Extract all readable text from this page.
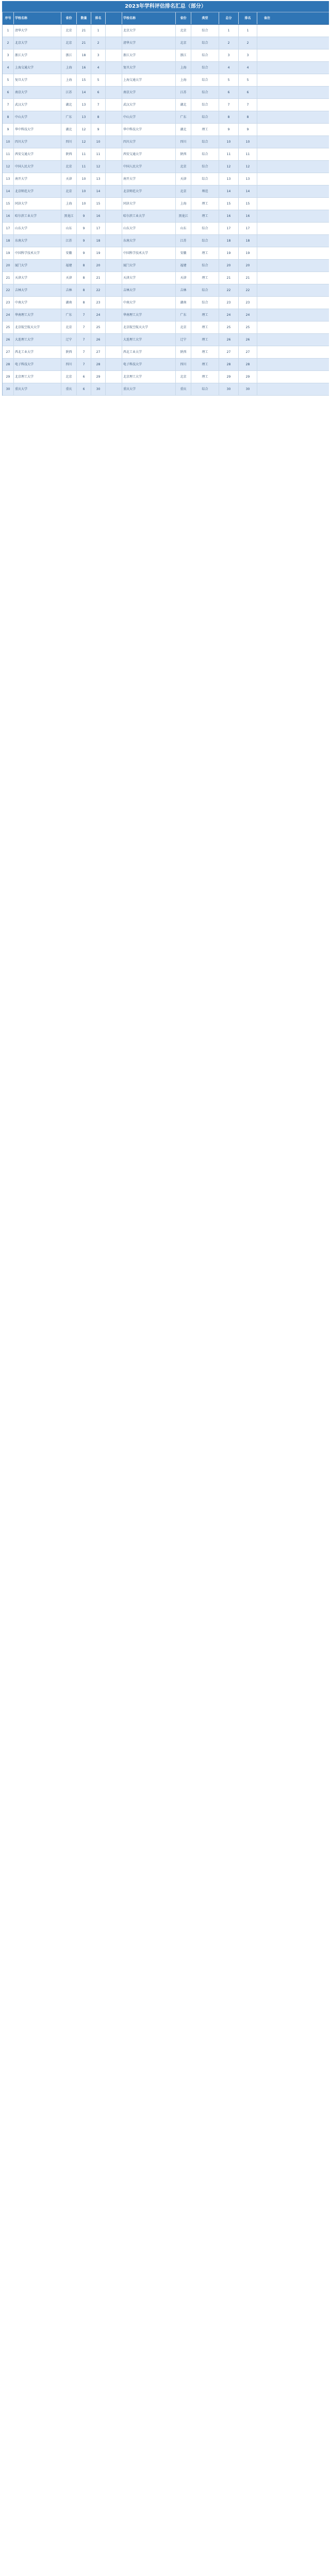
2023年学科评估排名汇总（部分）
序号	学校名称	省份	数量	排名	学校名称	省份	类型	总分	排名	备注
1	清华大学	北京	21	1	北京大学	北京	综合	1	1
2	北京大学	北京	21	2	清华大学	北京	综合	2	2
3	浙江大学	浙江	18	3	浙江大学	浙江	综合	3	3
4	上海交通大学	上海	16	4	复旦大学	上海	综合	4	4
5	复旦大学	上海	15	5	上海交通大学	上海	综合	5	5
6	南京大学	江苏	14	6	南京大学	江苏	综合	6	6
7	武汉大学	湖北	13	7	武汉大学	湖北	综合	7	7
8	中山大学	广东	13	8	中山大学	广东	综合	8	8
9	华中科技大学	湖北	12	9	华中科技大学	湖北	理工	9	9
10	四川大学	四川	12	10	四川大学	四川	综合	10	10
11	西安交通大学	陕西	11	11	西安交通大学	陕西	综合	11	11
12	中国人民大学	北京	11	12	中国人民大学	北京	综合	12	12
13	南开大学	天津	10	13	南开大学	天津	综合	13	13
14	北京师范大学	北京	10	14	北京师范大学	北京	师范	14	14
15	同济大学	上海	10	15	同济大学	上海	理工	15	15
16	哈尔滨工业大学	黑龙江	9	16	哈尔滨工业大学	黑龙江	理工	16	16
17	山东大学	山东	9	17	山东大学	山东	综合	17	17
18	东南大学	江苏	9	18	东南大学	江苏	综合	18	18
19	中国科学技术大学	安徽	9	19	中国科学技术大学	安徽	理工	19	19
20	厦门大学	福建	8	20	厦门大学	福建	综合	20	20
21	天津大学	天津	8	21	天津大学	天津	理工	21	21
22	吉林大学	吉林	8	22	吉林大学	吉林	综合	22	22
23	中南大学	湖南	8	23	中南大学	湖南	综合	23	23
24	华南理工大学	广东	7	24	华南理工大学	广东	理工	24	24
25	北京航空航天大学	北京	7	25	北京航空航天大学	北京	理工	25	25
26	大连理工大学	辽宁	7	26	大连理工大学	辽宁	理工	26	26
27	西北工业大学	陕西	7	27	西北工业大学	陕西	理工	27	27
28	电子科技大学	四川	7	28	电子科技大学	四川	理工	28	28
29	北京理工大学	北京	6	29	北京理工大学	北京	理工	29	29
30	重庆大学	重庆	6	30	重庆大学	重庆	综合	30	30
